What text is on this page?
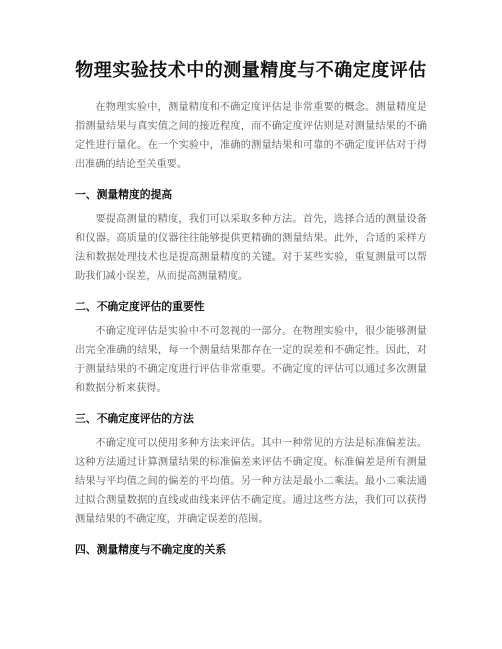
物理实验技术中的测量精度与不确定度评估

在物理实验中，测量精度和不确定度评估是非常重要的概念。测量精度是指测量结果与真实值之间的接近程度，而不确定度评估则是对测量结果的不确定性进行量化。在一个实验中，准确的测量结果和可靠的不确定度评估对于得出准确的结论至关重要。

一、测量精度的提高

要提高测量的精度，我们可以采取多种方法。首先，选择合适的测量设备和仪器。高质量的仪器往往能够提供更精确的测量结果。此外，合适的采样方法和数据处理技术也是提高测量精度的关键。对于某些实验，重复测量可以帮助我们减小误差，从而提高测量精度。

二、不确定度评估的重要性

不确定度评估是实验中不可忽视的一部分。在物理实验中，很少能够测量出完全准确的结果，每一个测量结果都存在一定的误差和不确定性。因此，对于测量结果的不确定度进行评估非常重要。不确定度的评估可以通过多次测量和数据分析来获得。

三、不确定度评估的方法

不确定度可以使用多种方法来评估。其中一种常见的方法是标准偏差法。这种方法通过计算测量结果的标准偏差来评估不确定度。标准偏差是所有测量结果与平均值之间的偏差的平均值。另一种方法是最小二乘法。最小二乘法通过拟合测量数据的直线或曲线来评估不确定度。通过这些方法，我们可以获得测量结果的不确定度，并确定误差的范围。

四、测量精度与不确定度的关系
